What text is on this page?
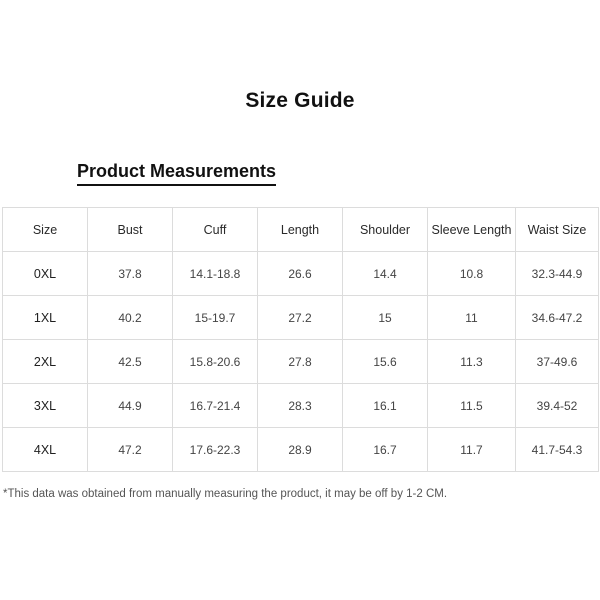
Size Guide
Product Measurements
Size	Bust	Cuff	Length	Shoulder	Sleeve Length	Waist Size
0XL	37.8	14.1-18.8	26.6	14.4	10.8	32.3-44.9
1XL	40.2	15-19.7	27.2	15	11	34.6-47.2
2XL	42.5	15.8-20.6	27.8	15.6	11.3	37-49.6
3XL	44.9	16.7-21.4	28.3	16.1	11.5	39.4-52
4XL	47.2	17.6-22.3	28.9	16.7	11.7	41.7-54.3
*This data was obtained from manually measuring the product, it may be off by 1-2 CM.
